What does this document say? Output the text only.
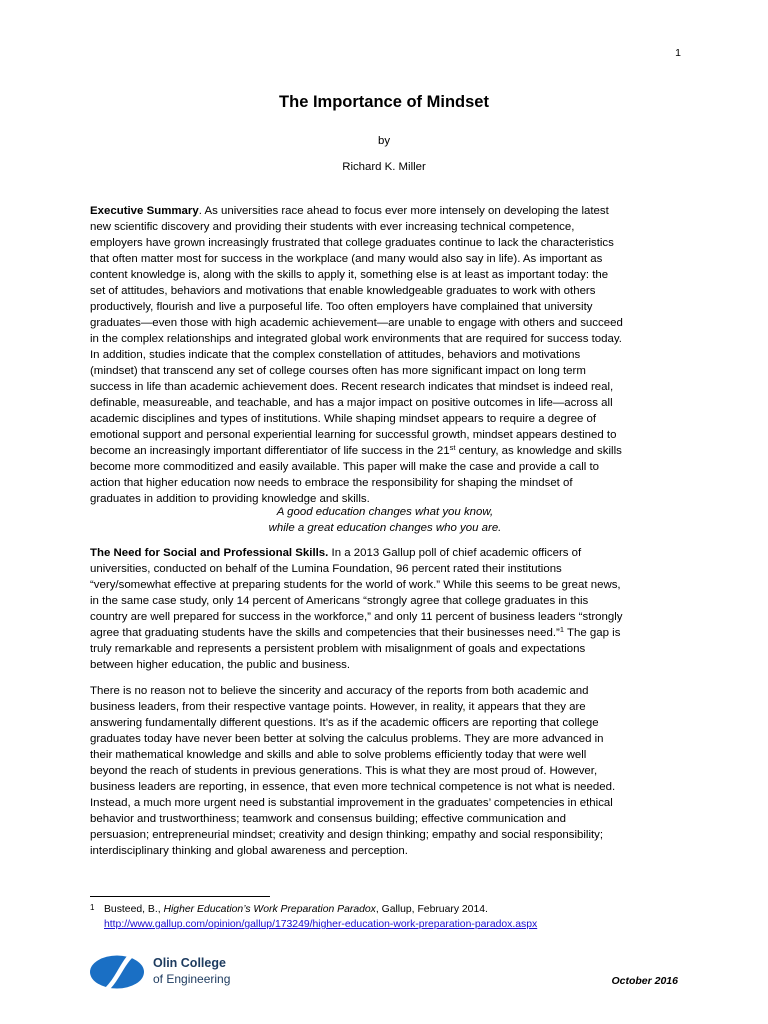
1
The Importance of Mindset
by
Richard K. Miller
Executive Summary. As universities race ahead to focus ever more intensely on developing the latest
new scientific discovery and providing their students with ever increasing technical competence,
employers have grown increasingly frustrated that college graduates continue to lack the characteristics
that often matter most for success in the workplace (and many would also say in life). As important as
content knowledge is, along with the skills to apply it, something else is at least as important today: the
set of attitudes, behaviors and motivations that enable knowledgeable graduates to work with others
productively, flourish and live a purposeful life. Too often employers have complained that university
graduates—even those with high academic achievement—are unable to engage with others and succeed
in the complex relationships and integrated global work environments that are required for success today.
In addition, studies indicate that the complex constellation of attitudes, behaviors and motivations
(mindset) that transcend any set of college courses often has more significant impact on long term
success in life than academic achievement does. Recent research indicates that mindset is indeed real,
definable, measureable, and teachable, and has a major impact on positive outcomes in life—across all
academic disciplines and types of institutions. While shaping mindset appears to require a degree of
emotional support and personal experiential learning for successful growth, mindset appears destined to
become an increasingly important differentiator of life success in the 21st century, as knowledge and skills
become more commoditized and easily available. This paper will make the case and provide a call to
action that higher education now needs to embrace the responsibility for shaping the mindset of
graduates in addition to providing knowledge and skills.
A good education changes what you know,
while a great education changes who you are.
The Need for Social and Professional Skills. In a 2013 Gallup poll of chief academic officers of
universities, conducted on behalf of the Lumina Foundation, 96 percent rated their institutions
“very/somewhat effective at preparing students for the world of work.” While this seems to be great news,
in the same case study, only 14 percent of Americans “strongly agree that college graduates in this
country are well prepared for success in the workforce,” and only 11 percent of business leaders “strongly
agree that graduating students have the skills and competencies that their businesses need.”$^1$ The gap is
truly remarkable and represents a persistent problem with misalignment of goals and expectations
between higher education, the public and business.
There is no reason not to believe the sincerity and accuracy of the reports from both academic and
business leaders, from their respective vantage points. However, in reality, it appears that they are
answering fundamentally different questions. It’s as if the academic officers are reporting that college
graduates today have never been better at solving the calculus problems. They are more advanced in
their mathematical knowledge and skills and able to solve problems efficiently today that were well
beyond the reach of students in previous generations. This is what they are most proud of. However,
business leaders are reporting, in essence, that even more technical competence is not what is needed.
Instead, a much more urgent need is substantial improvement in the graduates’ competencies in ethical
behavior and trustworthiness; teamwork and consensus building; effective communication and
persuasion; entrepreneurial mindset; creativity and design thinking; empathy and social responsibility;
interdisciplinary thinking and global awareness and perception.
1 Busteed, B., Higher Education’s Work Preparation Paradox, Gallup, February 2014.
http://www.gallup.com/opinion/gallup/173249/higher-education-work-preparation-paradox.aspx
Olin College
of Engineering	October 2016
